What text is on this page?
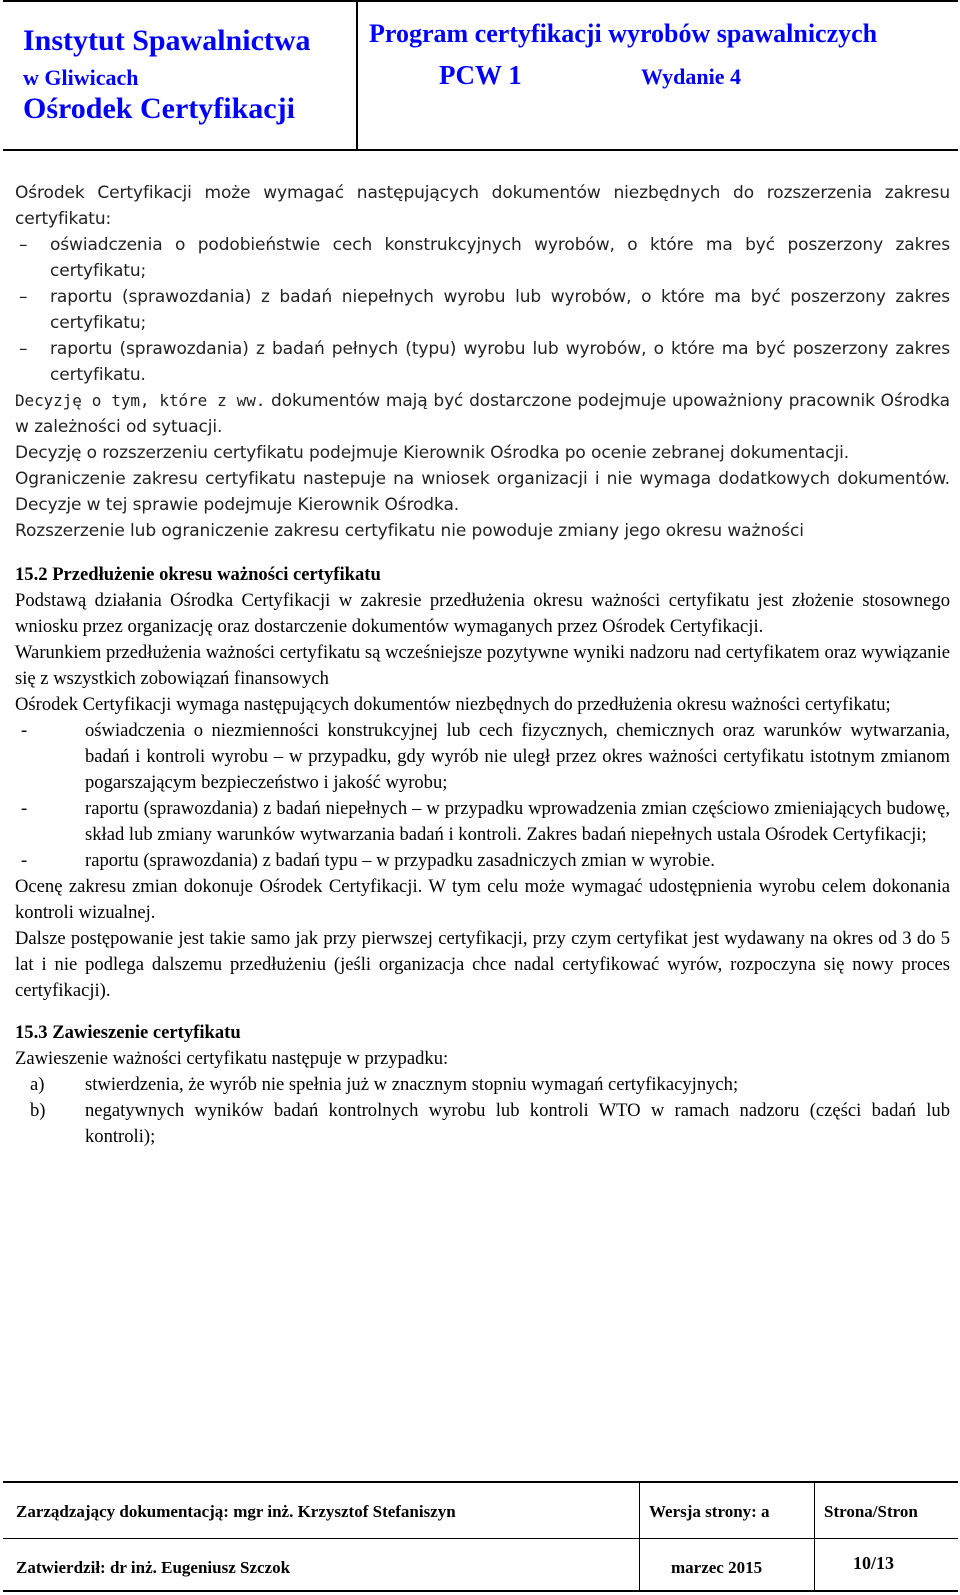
Instytut Spawalnictwa
w Gliwicach
Ośrodek Certyfikacji
Program certyfikacji wyrobów spawalniczych
PCW 1	Wydanie 4

Ośrodek Certyfikacji może wymagać następujących dokumentów niezbędnych do rozszerzenia zakresu certyfikatu:

– oświadczenia o podobieństwie cech konstrukcyjnych wyrobów, o które ma być poszerzony zakres certyfikatu;
– raportu (sprawozdania) z badań niepełnych wyrobu lub wyrobów, o które ma być poszerzony zakres certyfikatu;
– raportu (sprawozdania) z badań pełnych (typu) wyrobu lub wyrobów, o które ma być poszerzony zakres certyfikatu.

Decyzję o tym, które z ww. dokumentów mają być dostarczone podejmuje upoważniony pracownik Ośrodka w zależności od sytuacji.

Decyzję o rozszerzeniu certyfikatu podejmuje Kierownik Ośrodka po ocenie zebranej dokumentacji.

Ograniczenie zakresu certyfikatu nastepuje na wniosek organizacji i nie wymaga dodatkowych dokumentów. Decyzje w tej sprawie podejmuje Kierownik Ośrodka.

Rozszerzenie lub ograniczenie zakresu certyfikatu nie powoduje zmiany jego okresu ważności

15.2 Przedłużenie okresu ważności certyfikatu

Podstawą działania Ośrodka Certyfikacji w zakresie przedłużenia okresu ważności certyfikatu jest złożenie stosownego wniosku przez organizację oraz dostarczenie dokumentów wymaganych przez Ośrodek Certyfikacji.

Warunkiem przedłużenia ważności certyfikatu są wcześniejsze pozytywne wyniki nadzoru nad certyfikatem oraz wywiązanie się z wszystkich zobowiązań finansowych

Ośrodek Certyfikacji wymaga następujących dokumentów niezbędnych do przedłużenia okresu ważności certyfikatu;

-	oświadczenia o niezmienności konstrukcyjnej lub cech fizycznych, chemicznych oraz warunków wytwarzania, badań i kontroli wyrobu – w przypadku, gdy wyrób nie uległ przez okres ważności certyfikatu istotnym zmianom pogarszającym bezpieczeństwo i jakość wyrobu;
-	raportu (sprawozdania) z badań niepełnych – w przypadku wprowadzenia zmian częściowo zmieniających budowę, skład lub zmiany warunków wytwarzania badań i kontroli. Zakres badań niepełnych ustala Ośrodek Certyfikacji;
-	raportu (sprawozdania) z badań typu – w przypadku zasadniczych zmian w wyrobie.

Ocenę zakresu zmian dokonuje Ośrodek Certyfikacji. W tym celu może wymagać udostępnienia wyrobu celem dokonania kontroli wizualnej.

Dalsze postępowanie jest takie samo jak przy pierwszej certyfikacji, przy czym certyfikat jest wydawany na okres od 3 do 5 lat i nie podlega dalszemu przedłużeniu (jeśli organizacja chce nadal certyfikować wyrów, rozpoczyna się nowy proces certyfikacji).

15.3 Zawieszenie certyfikatu

Zawieszenie ważności certyfikatu następuje w przypadku:

a) stwierdzenia, że wyrób nie spełnia już w znacznym stopniu wymagań certyfikacyjnych;
b) negatywnych wyników badań kontrolnych wyrobu lub kontroli WTO w ramach nadzoru (części badań lub kontroli);
Zarządzający dokumentacją: mgr inż. Krzysztof Stefaniszyn	Wersja strony: a	Strona/Stron
Zatwierdził: dr inż. Eugeniusz Szczok	marzec 2015	10/13
